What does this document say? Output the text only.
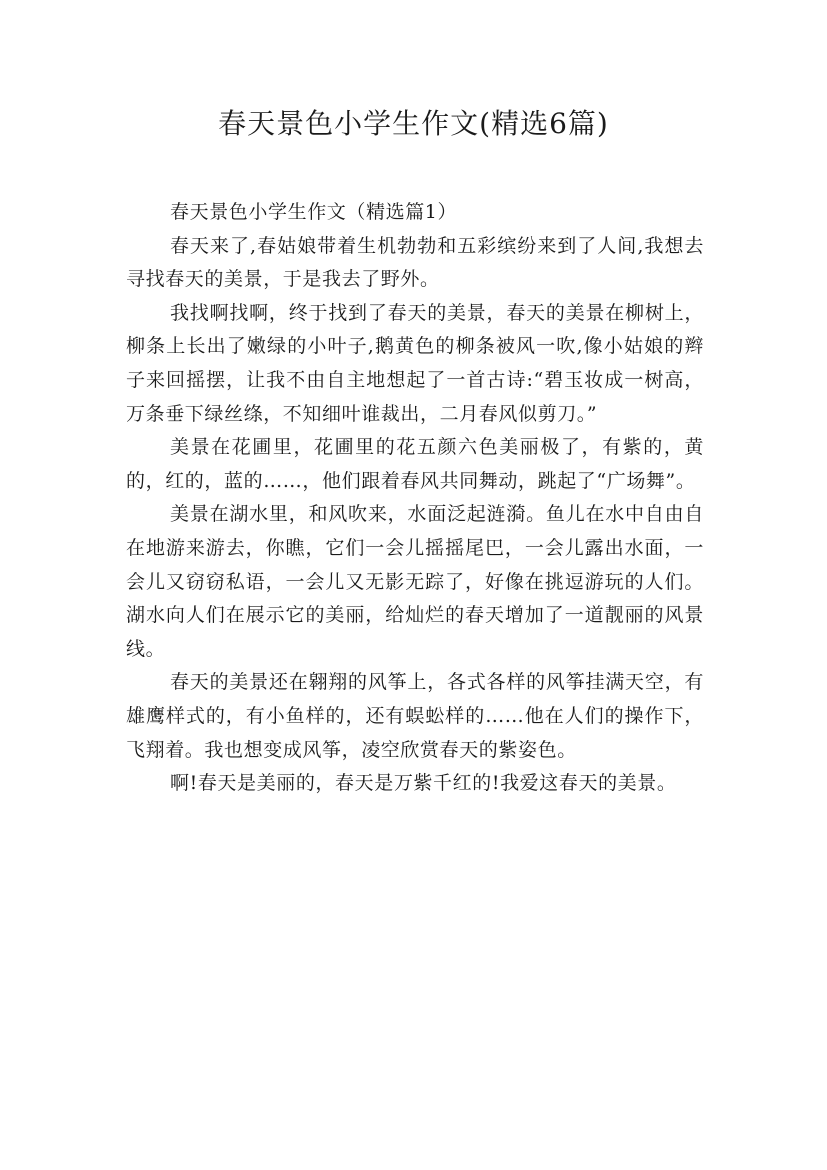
春天景色小学生作文(精选6篇)

春天景色小学生作文（精选篇1）

春天来了,春姑娘带着生机勃勃和五彩缤纷来到了人间,我想去寻找春天的美景，于是我去了野外。

我找啊找啊，终于找到了春天的美景，春天的美景在柳树上，柳条上长出了嫩绿的小叶子,鹅黄色的柳条被风一吹,像小姑娘的辫子来回摇摆，让我不由自主地想起了一首古诗:“碧玉妆成一树高，万条垂下绿丝绦，不知细叶谁裁出，二月春风似剪刀。”

美景在花圃里，花圃里的花五颜六色美丽极了，有紫的，黄的，红的，蓝的……，他们跟着春风共同舞动，跳起了“广场舞”。

美景在湖水里，和风吹来，水面泛起涟漪。鱼儿在水中自由自在地游来游去，你瞧，它们一会儿摇摇尾巴，一会儿露出水面，一会儿又窃窃私语，一会儿又无影无踪了，好像在挑逗游玩的人们。湖水向人们在展示它的美丽，给灿烂的春天增加了一道靓丽的风景线。

春天的美景还在翱翔的风筝上，各式各样的风筝挂满天空，有雄鹰样式的，有小鱼样的，还有蜈蚣样的……他在人们的操作下，飞翔着。我也想变成风筝，凌空欣赏春天的紫姿色。

啊!春天是美丽的，春天是万紫千红的!我爱这春天的美景。
